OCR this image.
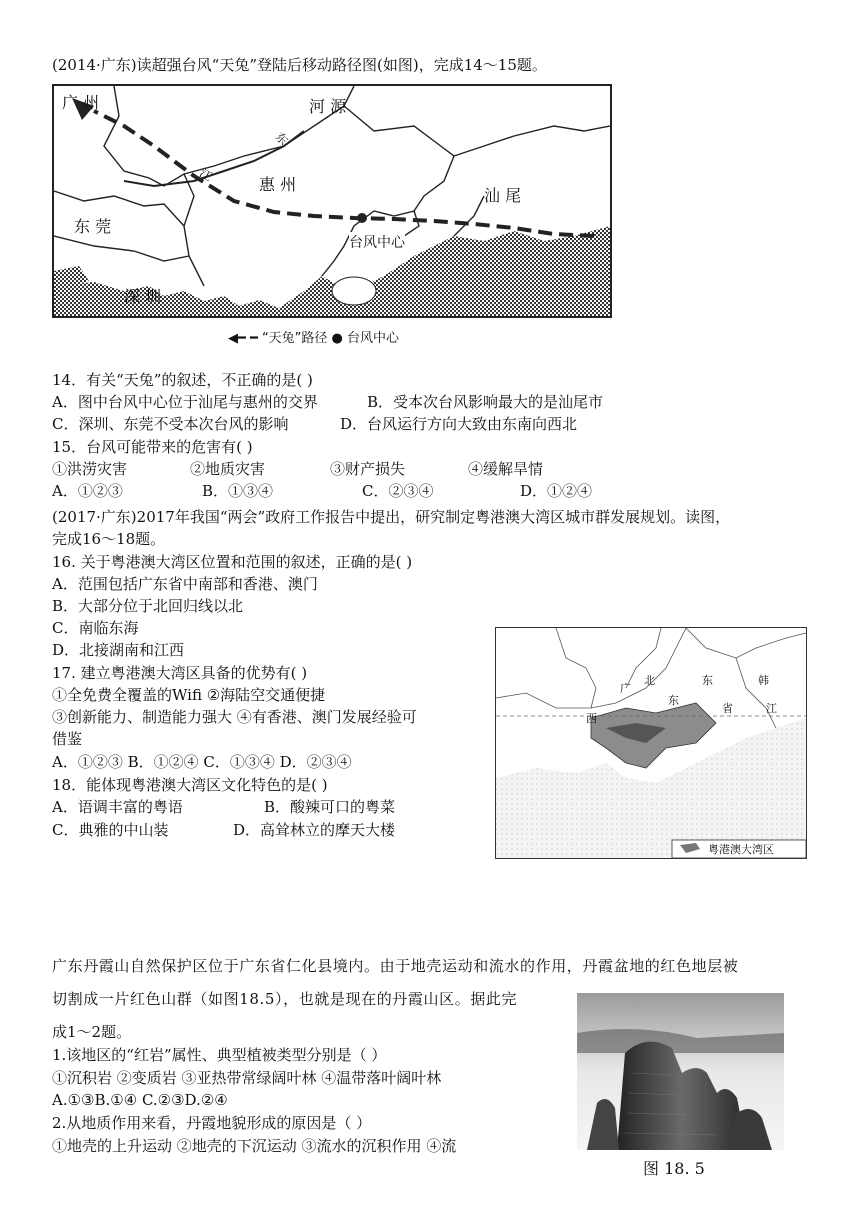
(2014·广东)读超强台风“天兔”登陆后移动路径图(如图)，完成14～15题。
广 州	河 源
东
江
惠 州
汕 尾
东 莞
深 圳
台风中心
◀━ ━ “天兔”路径 ● 台风中心
14．有关“天兔”的叙述，不正确的是( )
A．图中台风中心位于汕尾与惠州的交界	B．受本次台风影响最大的是汕尾市
C．深圳、东莞不受本次台风的影响	D．台风运行方向大致由东南向西北
15．台风可能带来的危害有( )
①洪涝灾害	②地质灾害	③财产损失	④缓解旱情
A．①②③	B．①③④	C．②③④	D．①②④
(2017·广东)2017年我国“两会”政府工作报告中提出，研究制定粤港澳大湾区城市群发展规划。读图，
完成16～18题。
16. 关于粤港澳大湾区位置和范围的叙述，正确的是( )
A．范围包括广东省中南部和香港、澳门
B．大部分位于北回归线以北
C．南临东海
D．北接湖南和江西
17. 建立粤港澳大湾区具备的优势有( )
①全免费全覆盖的Wifi ②海陆空交通便捷
③创新能力、制造能力强大 ④有香港、澳门发展经验可
借鉴
A．①②③ B．①②④ C．①③④ D．②③④
18．能体现粤港澳大湾区文化特色的是( )
A．语调丰富的粤语	B．酸辣可口的粤菜
C．典雅的中山装	D．高耸林立的摩天大楼
广
北
东
东
省
韩
江
西
粤港澳大湾区
广东丹霞山自然保护区位于广东省仁化县境内。由于地壳运动和流水的作用，丹霞盆地的红色地层被
切割成一片红色山群（如图18.5），也就是现在的丹霞山区。据此完
成1～2题。
1.该地区的“红岩”属性、典型植被类型分别是（ ）
①沉积岩 ②变质岩 ③亚热带常绿阔叶林 ④温带落叶阔叶林
A.①③B.①④ C.②③D.②④
2.从地质作用来看，丹霞地貌形成的原因是（ ）
①地壳的上升运动 ②地壳的下沉运动 ③流水的沉积作用 ④流
图 18. 5
